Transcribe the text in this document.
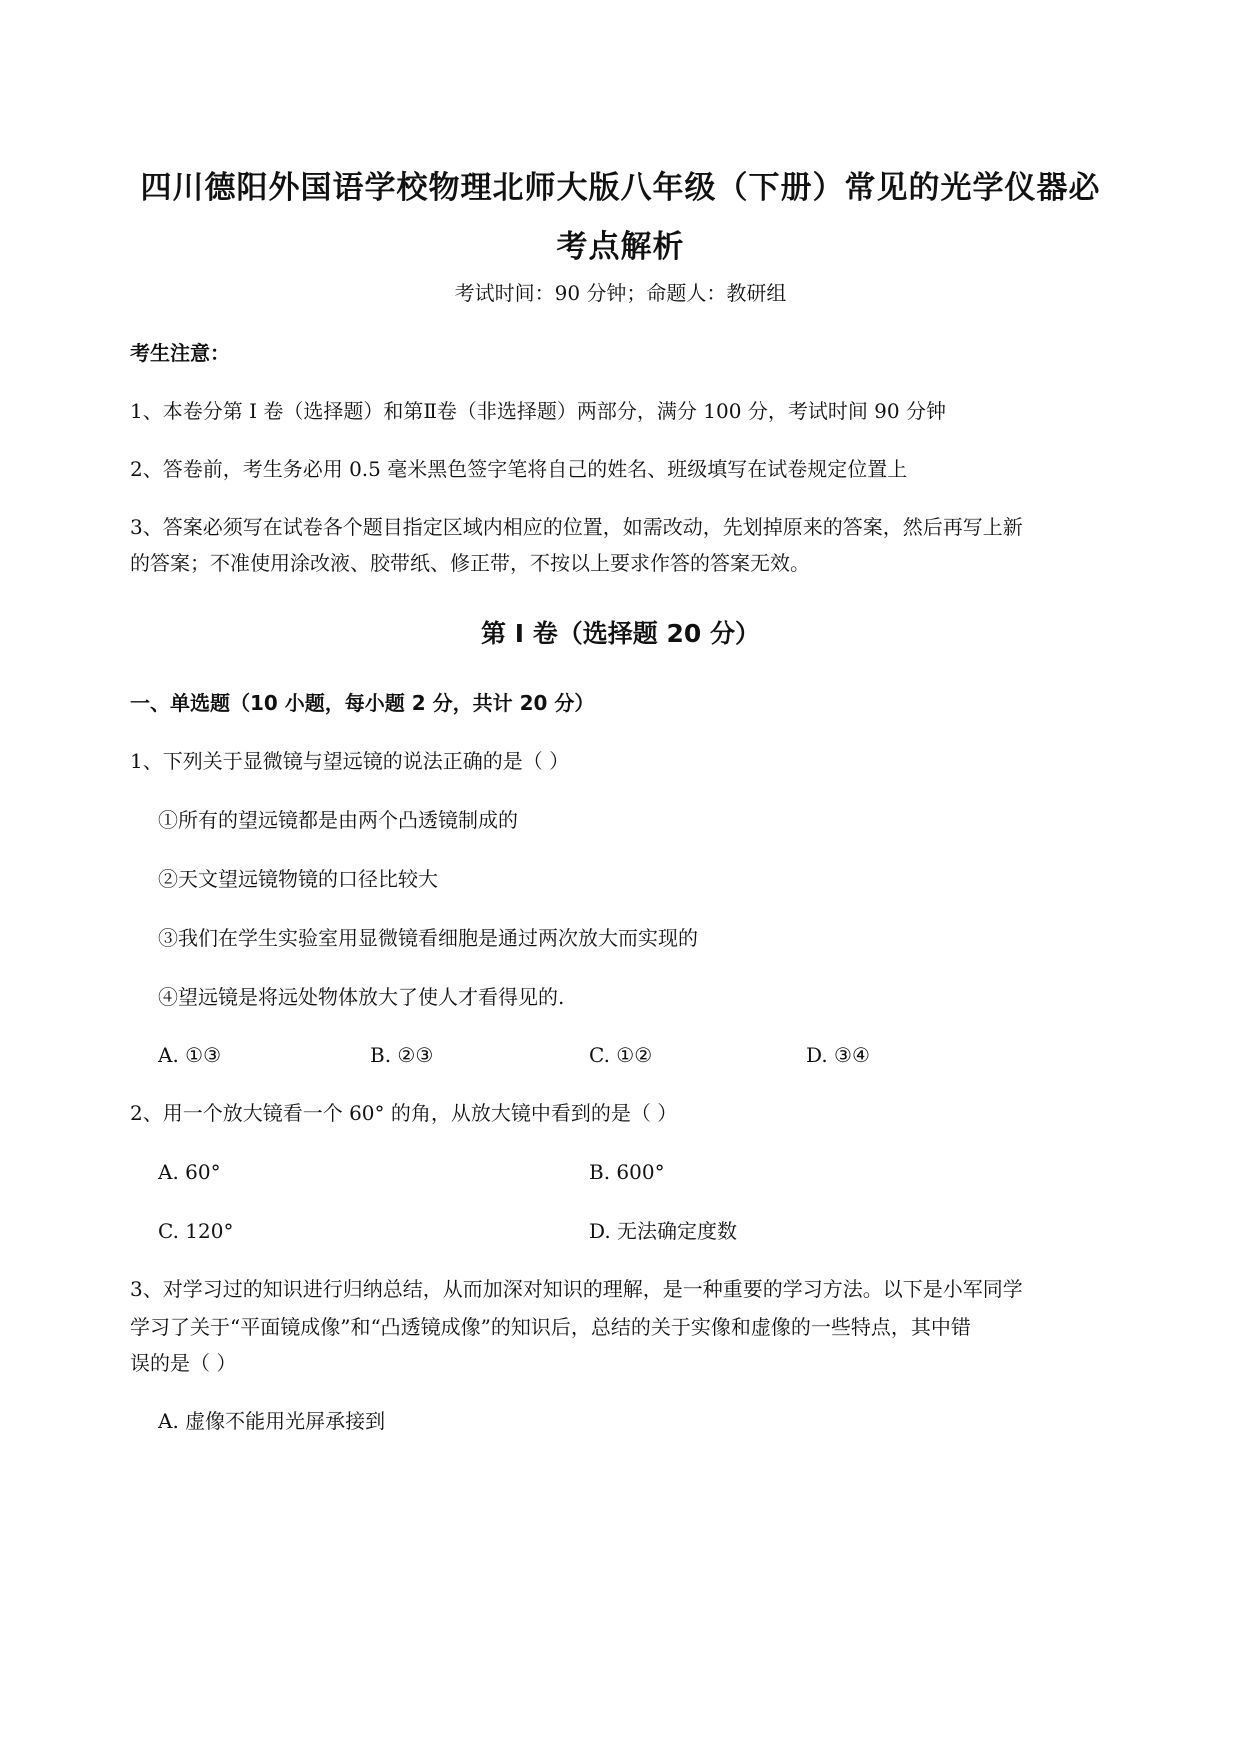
四川德阳外国语学校物理北师大版八年级（下册）常见的光学仪器必
考点解析
考试时间：90 分钟；命题人：教研组
考生注意：
1、本卷分第 I 卷（选择题）和第Ⅱ卷（非选择题）两部分，满分 100 分，考试时间 90 分钟
2、答卷前，考生务必用 0.5 毫米黑色签字笔将自己的姓名、班级填写在试卷规定位置上
3、答案必须写在试卷各个题目指定区域内相应的位置，如需改动，先划掉原来的答案，然后再写上新
的答案；不准使用涂改液、胶带纸、修正带，不按以上要求作答的答案无效。
第 I 卷（选择题 20 分）
一、单选题（10 小题，每小题 2 分，共计 20 分）
1、下列关于显微镜与望远镜的说法正确的是（ ）
①所有的望远镜都是由两个凸透镜制成的
②天文望远镜物镜的口径比较大
③我们在学生实验室用显微镜看细胞是通过两次放大而实现的
④望远镜是将远处物体放大了使人才看得见的.
A. ①③	B. ②③	C. ①②	D. ③④
2、用一个放大镜看一个 60° 的角，从放大镜中看到的是（ ）
A. 60°	B. 600°
C. 120°	D. 无法确定度数
3、对学习过的知识进行归纳总结，从而加深对知识的理解，是一种重要的学习方法。以下是小军同学
学习了关于“平面镜成像”和“凸透镜成像”的知识后，总结的关于实像和虚像的一些特点，其中错
误的是（ ）
A. 虚像不能用光屏承接到
